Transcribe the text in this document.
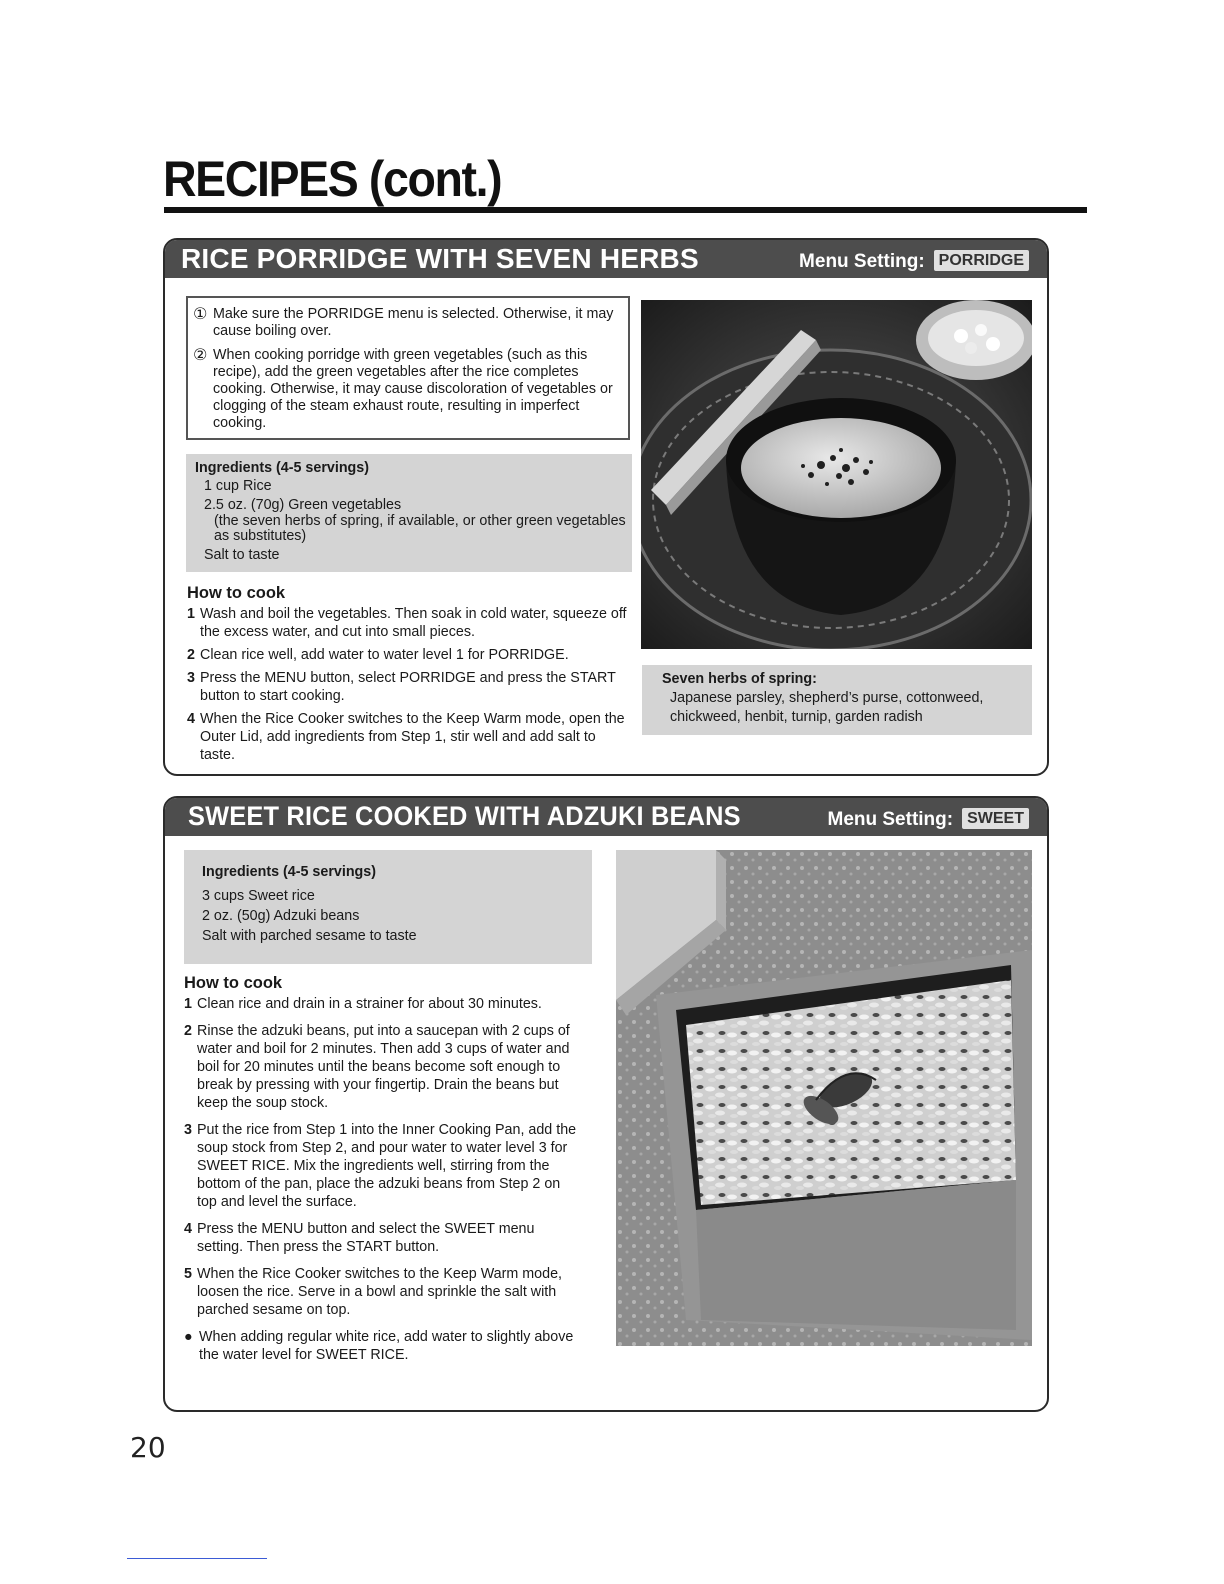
RECIPES (cont.)
RICE PORRIDGE WITH SEVEN HERBS	Menu Setting: PORRIDGE
① Make sure the PORRIDGE menu is selected. Otherwise, it may cause boiling over.
② When cooking porridge with green vegetables (such as this recipe), add the green vegetables after the rice completes cooking. Otherwise, it may cause discoloration of vegetables or clogging of the steam exhaust route, resulting in imperfect cooking.
Ingredients (4-5 servings)
1 cup Rice
2.5 oz. (70g) Green vegetables
(the seven herbs of spring, if available, or other green vegetables as substitutes)
Salt to taste
How to cook
1 Wash and boil the vegetables. Then soak in cold water, squeeze off the excess water, and cut into small pieces.
2 Clean rice well, add water to water level 1 for PORRIDGE.
3 Press the MENU button, select PORRIDGE and press the START button to start cooking.
4 When the Rice Cooker switches to the Keep Warm mode, open the Outer Lid, add ingredients from Step 1, stir well and add salt to taste.
Seven herbs of spring:
Japanese parsley, shepherd’s purse, cottonweed, chickweed, henbit, turnip, garden radish
SWEET RICE COOKED WITH ADZUKI BEANS	Menu Setting: SWEET
Ingredients (4-5 servings)
3 cups Sweet rice
2 oz. (50g) Adzuki beans
Salt with parched sesame to taste
How to cook
1 Clean rice and drain in a strainer for about 30 minutes.
2 Rinse the adzuki beans, put into a saucepan with 2 cups of water and boil for 2 minutes. Then add 3 cups of water and boil for 20 minutes until the beans become soft enough to break by pressing with your fingertip. Drain the beans but keep the soup stock.
3 Put the rice from Step 1 into the Inner Cooking Pan, add the soup stock from Step 2, and pour water to water level 3 for SWEET RICE. Mix the ingredients well, stirring from the bottom of the pan, place the adzuki beans from Step 2 on top and level the surface.
4 Press the MENU button and select the SWEET menu setting. Then press the START button.
5 When the Rice Cooker switches to the Keep Warm mode, loosen the rice. Serve in a bowl and sprinkle the salt with parched sesame on top.
● When adding regular white rice, add water to slightly above the water level for SWEET RICE.
20
